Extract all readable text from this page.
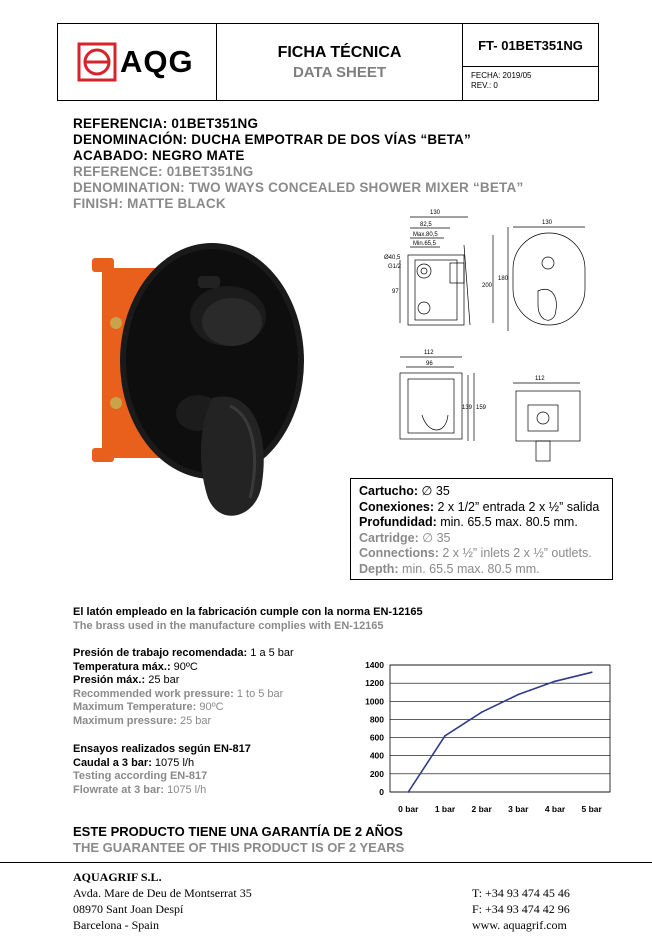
AQG	FICHA TÉCNICA
DATA SHEET
FT- 01BET351NG
FECHA: 2019/05
REV.: 0
REFERENCIA: 01BET351NG
DENOMINACIÓN: DUCHA EMPOTRAR DE DOS VÍAS “BETA”
ACABADO: NEGRO MATE
REFERENCE: 01BET351NG
DENOMINATION: TWO WAYS CONCEALED SHOWER MIXER “BETA”
FINISH: MATTE BLACK
130
82,5
Max.80,5
Min.65,5
Ø40,5
G1/2
97
200
180
130
112
96
139 159
112
Cartucho: ∅ 35
Conexiones: 2 x 1/2” entrada 2 x ½” salida
Profundidad: min. 65.5 max. 80.5 mm.
Cartridge: ∅ 35
Connections: 2 x ½” inlets 2 x ½” outlets.
Depth: min. 65.5 max. 80.5 mm.
El latón empleado en la fabricación cumple con la norma EN-12165
The brass used in the manufacture complies with EN-12165
Presión de trabajo recomendada: 1 a 5 bar
Temperatura máx.: 90ºC
Presión máx.: 25 bar
Recommended work pressure: 1 to 5 bar
Maximum Temperature: 90ºC
Maximum pressure: 25 bar
Ensayos realizados según EN-817
Caudal a 3 bar: 1075 l/h
Testing according EN-817
Flowrate at 3 bar: 1075 l/h	0
200
400
600
800
1000
1200
1400
0 bar 1 bar 2 bar 3 bar 4 bar 5 bar
ESTE PRODUCTO TIENE UNA GARANTÍA DE 2 AÑOS
THE GUARANTEE OF THIS PRODUCT IS OF 2 YEARS
AQUAGRIF S.L.
Avda. Mare de Deu de Montserrat 35
08970 Sant Joan Despí
Barcelona - Spain
T: +34 93 474 45 46
F: +34 93 474 42 96
www. aquagrif.com
